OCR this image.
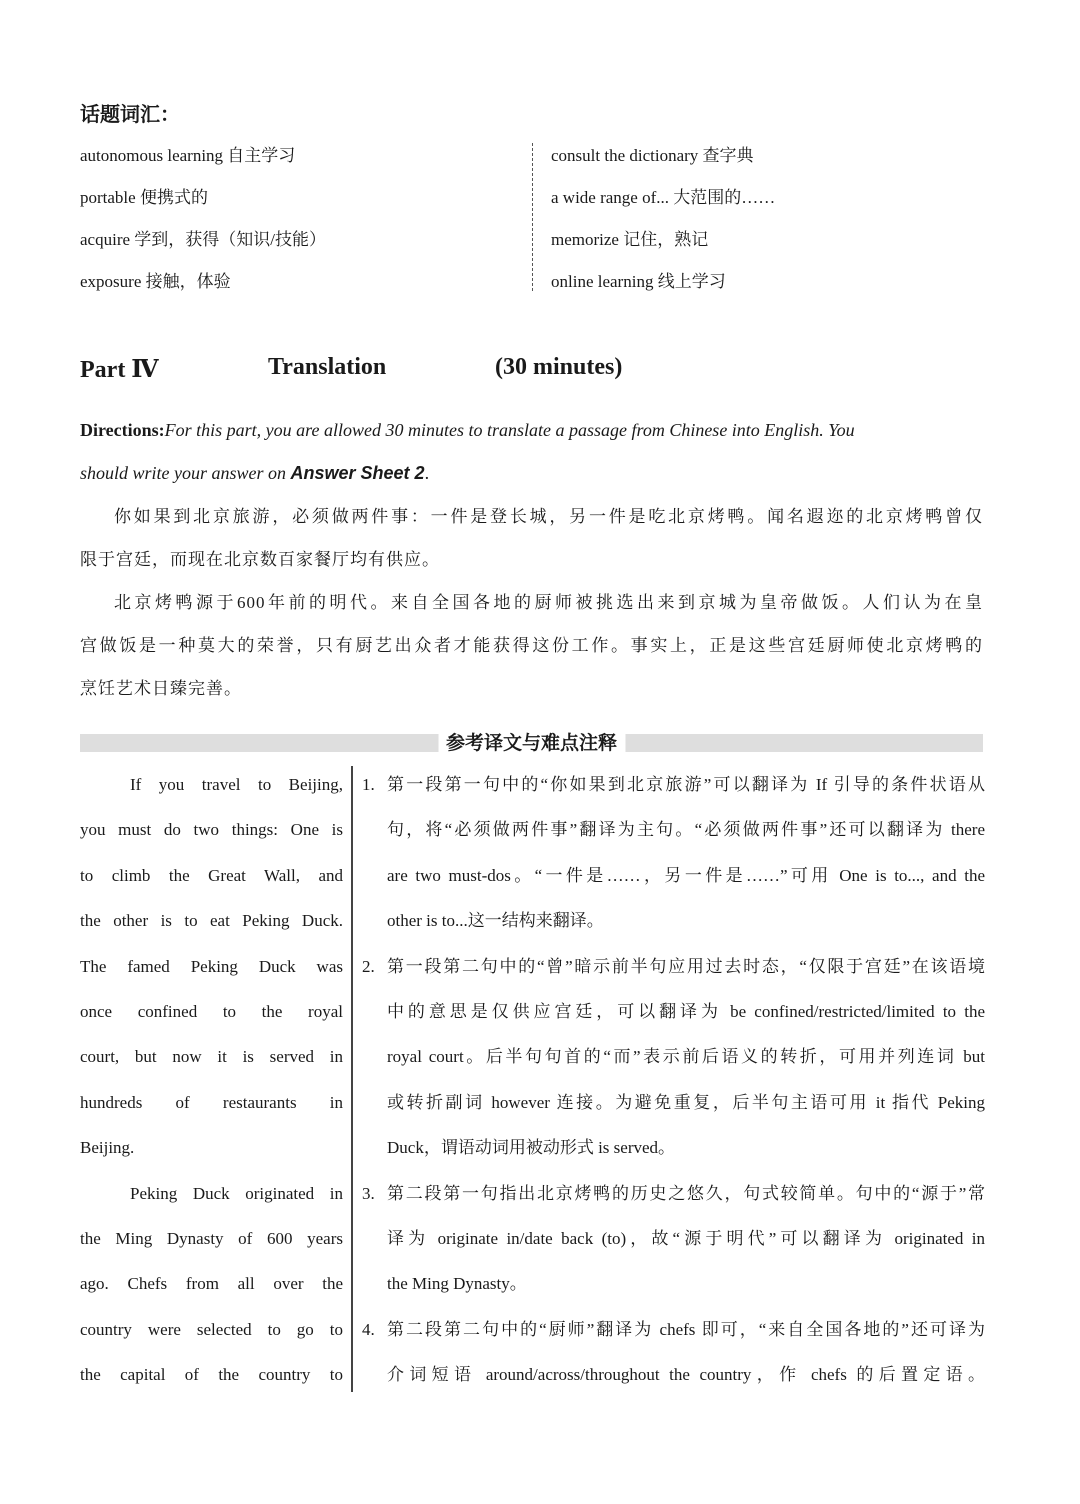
话题词汇：
autonomous learning 自主学习
portable 便携式的
acquire 学到，获得（知识/技能）
exposure 接触，体验
consult the dictionary 查字典
a wide range of... 大范围的……
memorize 记住，熟记
online learning 线上学习
Part Ⅳ	Translation	(30 minutes)
Directions:For this part, you are allowed 30 minutes to translate a passage from Chinese into English. You
should write your answer on Answer Sheet 2.
你如果到北京旅游，必须做两件事：一件是登长城，另一件是吃北京烤鸭。闻名遐迩的北京烤鸭曾仅
限于宫廷，而现在北京数百家餐厅均有供应。
北京烤鸭源于600年前的明代。来自全国各地的厨师被挑选出来到京城为皇帝做饭。人们认为在皇
宫做饭是一种莫大的荣誉，只有厨艺出众者才能获得这份工作。事实上，正是这些宫廷厨师使北京烤鸭的
烹饪艺术日臻完善。
参考译文与难点注释
If you travel to Beijing,
you must do two things: One is
to climb the Great Wall, and
the other is to eat Peking Duck.
The famed Peking Duck was
once confined to the royal
court, but now it is served in
hundreds of restaurants in
Beijing.
Peking Duck originated in
the Ming Dynasty of 600 years
ago. Chefs from all over the
country were selected to go to
the capital of the country to
1. 第一段第一句中的“你如果到北京旅游”可以翻译为 If 引导的条件状语从
句，将“必须做两件事”翻译为主句。“必须做两件事”还可以翻译为 there
are two must-dos。“一件是……，另一件是……”可用 One is to..., and the
other is to...这一结构来翻译。
2. 第一段第二句中的“曾”暗示前半句应用过去时态，“仅限于宫廷”在该语境
中的意思是仅供应宫廷，可以翻译为 be confined/restricted/limited to the
royal court。后半句句首的“而”表示前后语义的转折，可用并列连词 but
或转折副词 however 连接。为避免重复，后半句主语可用 it 指代 Peking
Duck，谓语动词用被动形式 is served。
3. 第二段第一句指出北京烤鸭的历史之悠久，句式较简单。句中的“源于”常
译为 originate in/date back (to)，故“源于明代”可以翻译为 originated in
the Ming Dynasty。
4. 第二段第二句中的“厨师”翻译为 chefs 即可，“来自全国各地的”还可译为
介词短语 around/across/throughout the country，作 chefs 的后置定语。
